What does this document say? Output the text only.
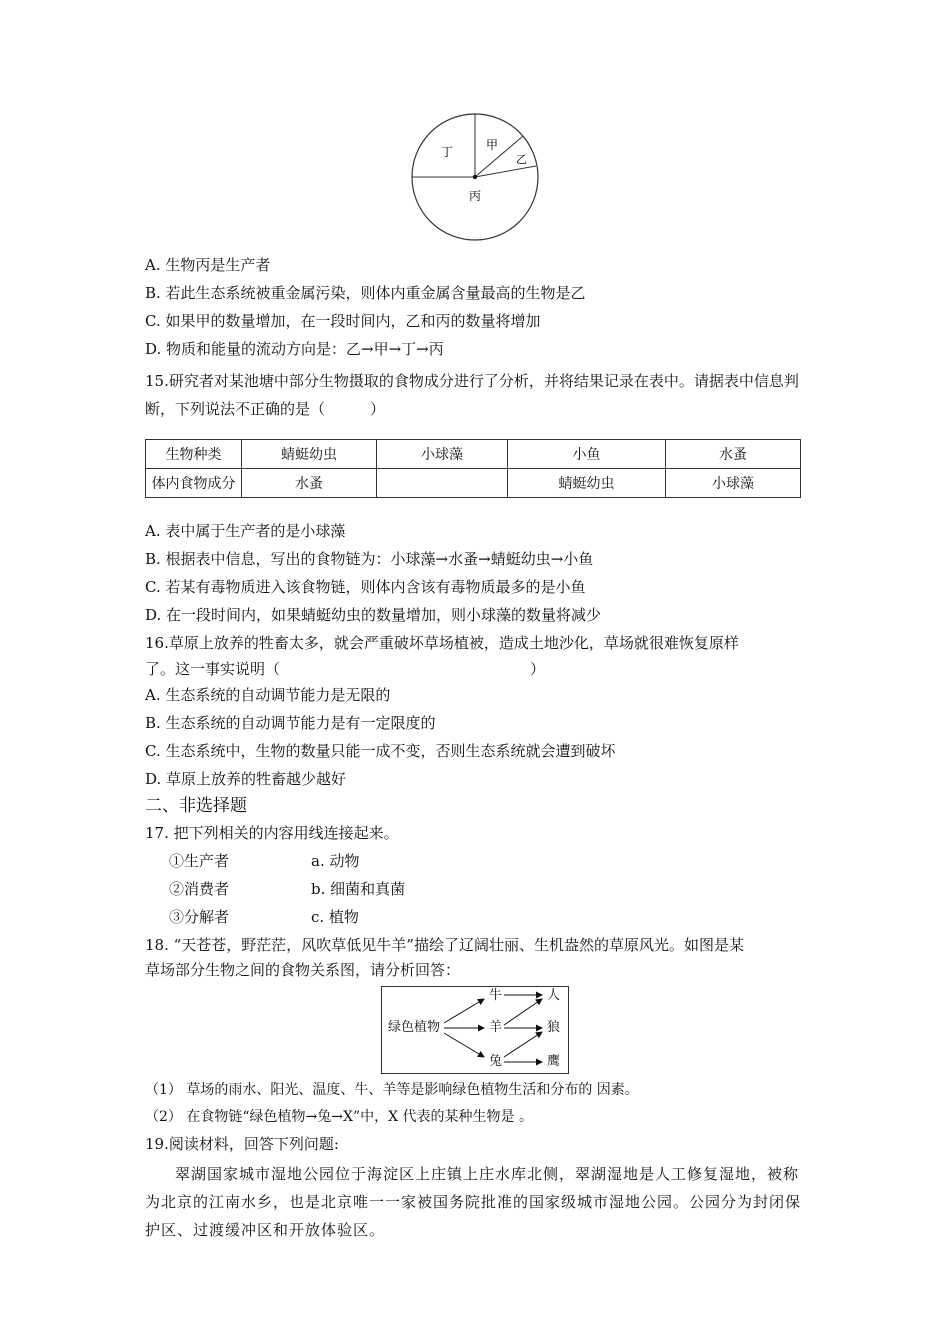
丁	甲
乙
丙
A. 生物丙是生产者
B. 若此生态系统被重金属污染，则体内重金属含量最高的生物是乙
C. 如果甲的数量增加，在一段时间内，乙和丙的数量将增加
D. 物质和能量的流动方向是：乙→甲→丁→丙
15.研究者对某池塘中部分生物摄取的食物成分进行了分析，并将结果记录在表中。请据表中信息判断，下列说法不正确的是（　　　）
生物种类	蜻蜓幼虫	小球藻	小鱼	水蚤
体内食物成分	水蚤		蜻蜓幼虫	小球藻
A. 表中属于生产者的是小球藻
B. 根据表中信息，写出的食物链为：小球藻→水蚤→蜻蜓幼虫→小鱼
C. 若某有毒物质进入该食物链，则体内含该有毒物质最多的是小鱼
D. 在一段时间内，如果蜻蜓幼虫的数量增加，则小球藻的数量将减少
16.草原上放养的牲畜太多，就会严重破坏草场植被，造成土地沙化，草场就很难恢复原样
了。这一事实说明（	）
A. 生态系统的自动调节能力是无限的
B. 生态系统的自动调节能力是有一定限度的
C. 生态系统中，生物的数量只能一成不变，否则生态系统就会遭到破坏
D. 草原上放养的牲畜越少越好
二、非选择题
17. 把下列相关的内容用线连接起来。
①生产者
②消费者
③分解者
a. 动物
b. 细菌和真菌
c. 植物
18. “天苍苍，野茫茫，风吹草低见牛羊”描绘了辽阔壮丽、生机盎然的草原风光。如图是某
草场部分生物之间的食物关系图，请分析回答：
绿色植物
牛
羊
兔
人
狼
鹰
（1） 草场的雨水、阳光、温度、牛、羊等是影响绿色植物生活和分布的 因素。
（2） 在食物链“绿色植物→兔→X”中，X 代表的某种生物是 。
19.阅读材料，回答下列问题:

翠湖国家城市湿地公园位于海淀区上庄镇上庄水库北侧，翠湖湿地是人工修复湿地，被称为北京的江南水乡，也是北京唯一一家被国务院批准的国家级城市湿地公园。公园分为封闭保护区、过渡缓冲区和开放体验区。
